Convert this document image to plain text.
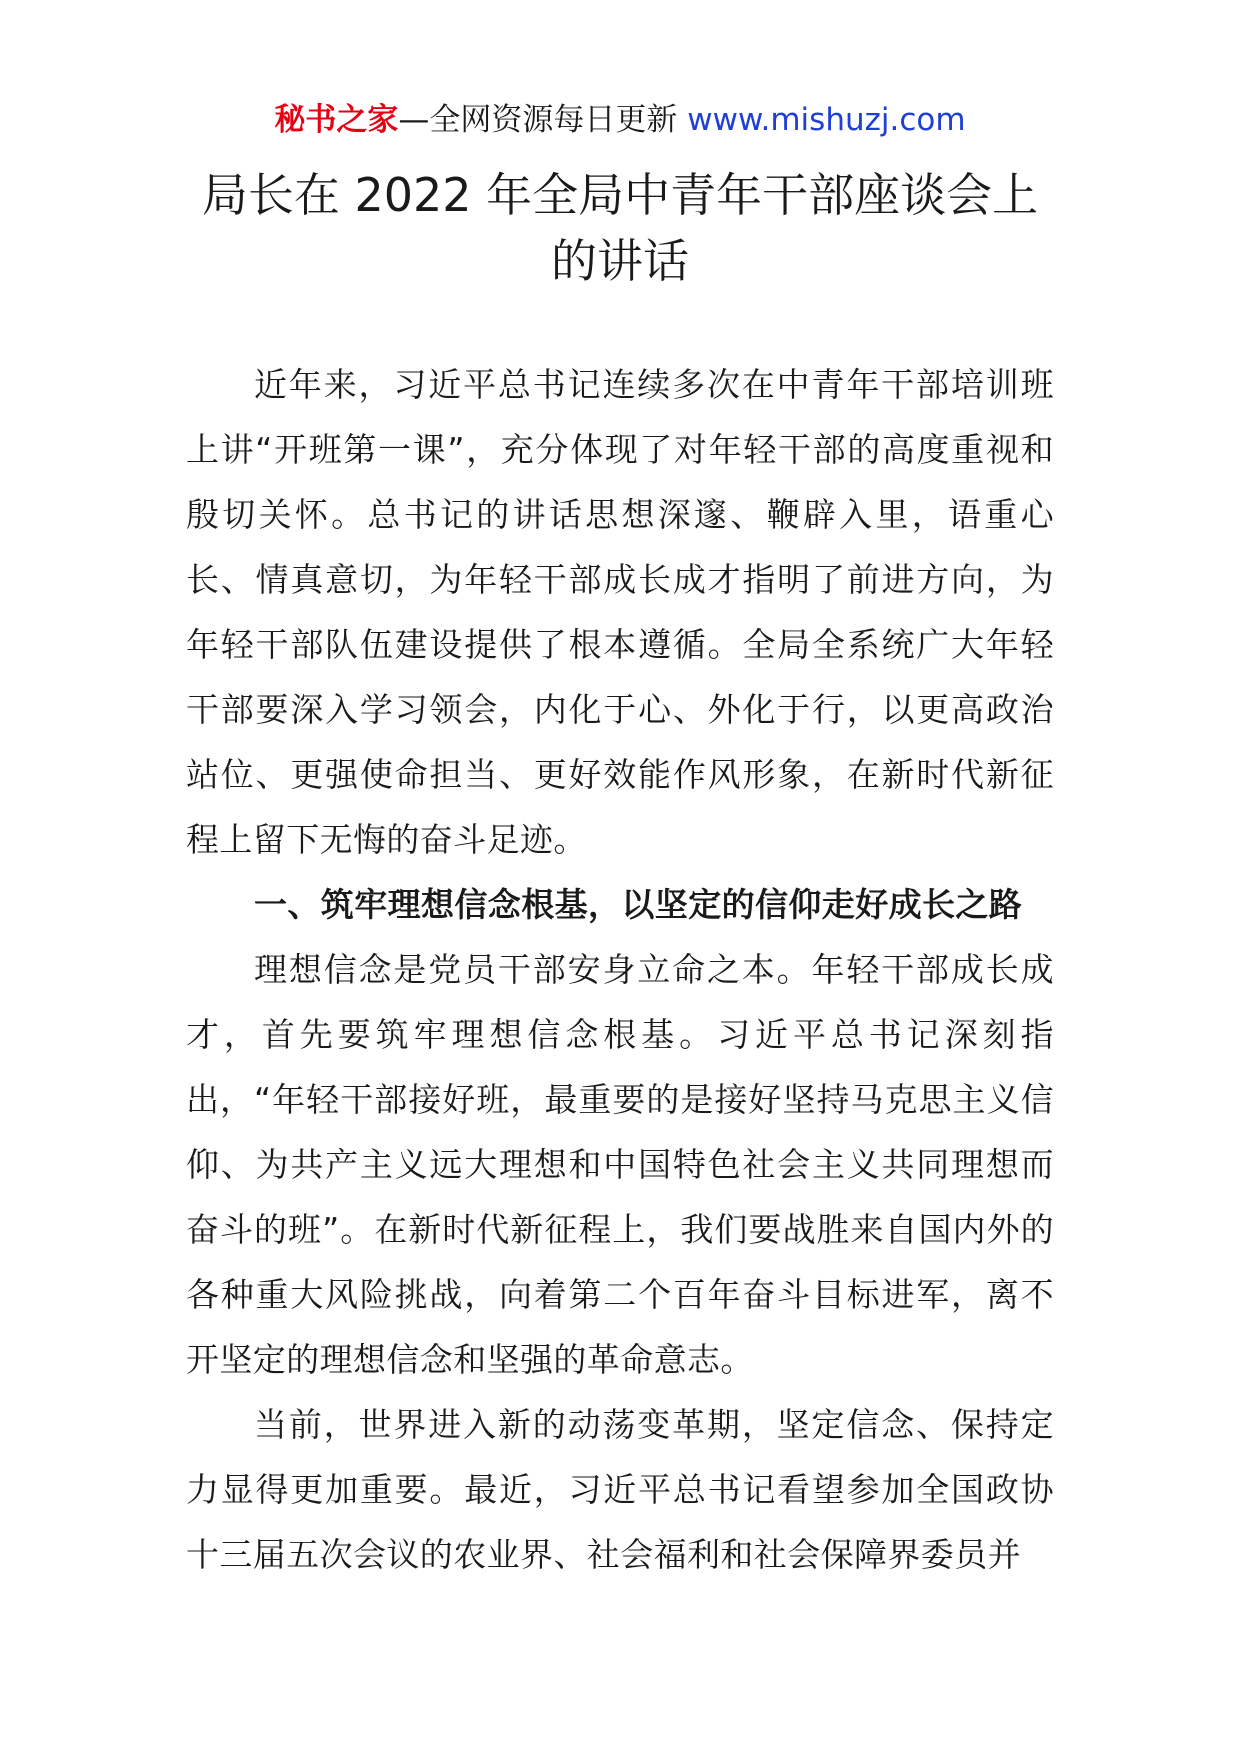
秘书之家—全网资源每日更新 www.mishuzj.com
局长在 2022 年全局中青年干部座谈会上
的讲话

近年来，习近平总书记连续多次在中青年干部培训班上讲“开班第一课”，充分体现了对年轻干部的高度重视和殷切关怀。总书记的讲话思想深邃、鞭辟入里，语重心长、情真意切，为年轻干部成长成才指明了前进方向，为年轻干部队伍建设提供了根本遵循。全局全系统广大年轻干部要深入学习领会，内化于心、外化于行，以更高政治站位、更强使命担当、更好效能作风形象，在新时代新征程上留下无悔的奋斗足迹。

一、筑牢理想信念根基，以坚定的信仰走好成长之路

理想信念是党员干部安身立命之本。年轻干部成长成才，首先要筑牢理想信念根基。习近平总书记深刻指出，“年轻干部接好班，最重要的是接好坚持马克思主义信仰、为共产主义远大理想和中国特色社会主义共同理想而奋斗的班”。在新时代新征程上，我们要战胜来自国内外的各种重大风险挑战，向着第二个百年奋斗目标进军，离不开坚定的理想信念和坚强的革命意志。

当前，世界进入新的动荡变革期，坚定信念、保持定力显得更加重要。最近，习近平总书记看望参加全国政协十三届五次会议的农业界、社会福利和社会保障界委员并
